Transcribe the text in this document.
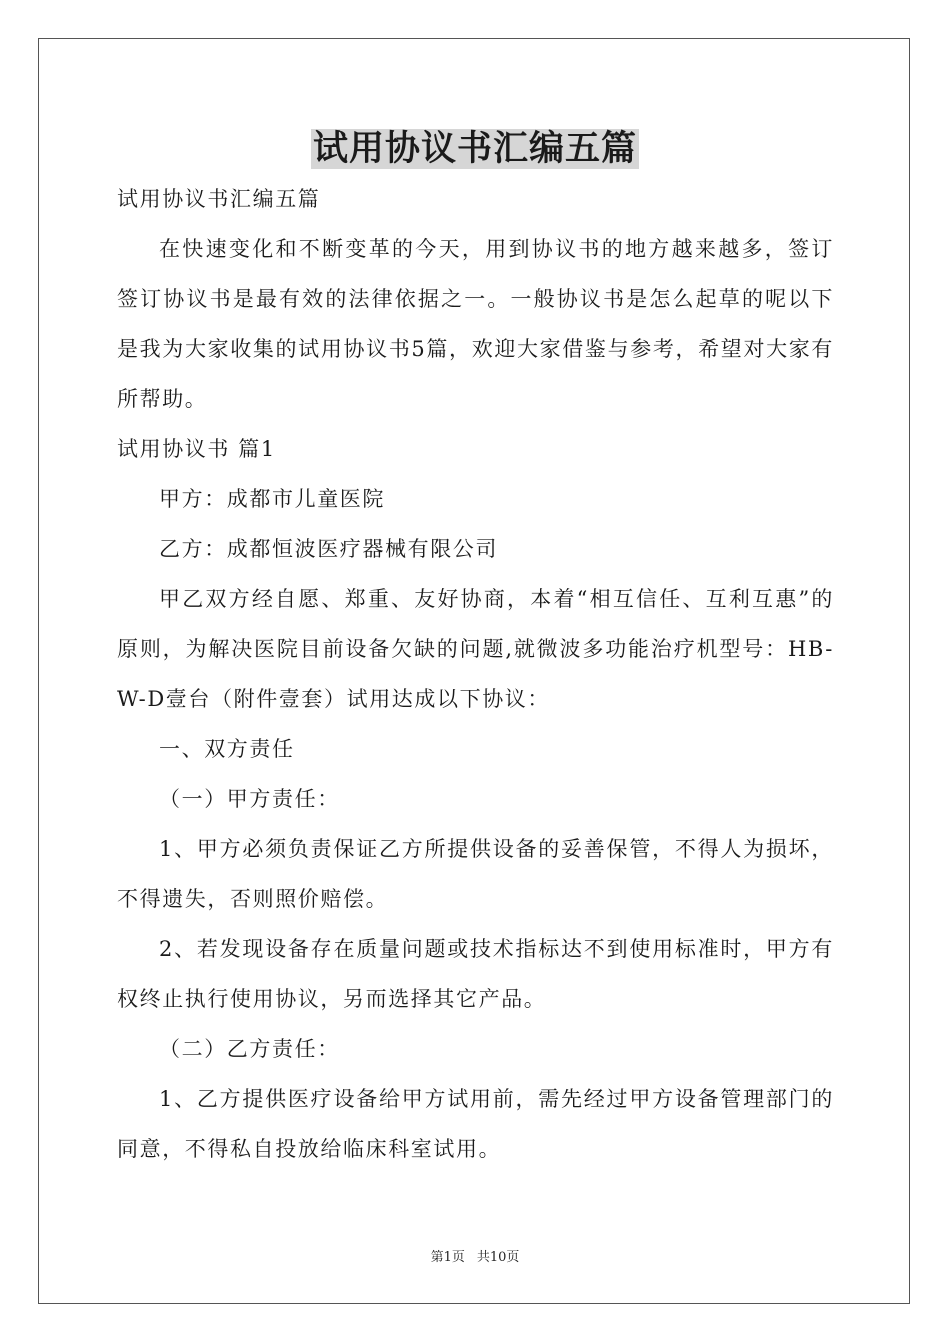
试用协议书汇编五篇

试用协议书汇编五篇

在快速变化和不断变革的今天，用到协议书的地方越来越多，签订签订协议书是最有效的法律依据之一。一般协议书是怎么起草的呢以下是我为大家收集的试用协议书5篇，欢迎大家借鉴与参考，希望对大家有所帮助。

试用协议书 篇1

甲方：成都市儿童医院

乙方：成都恒波医疗器械有限公司

甲乙双方经自愿、郑重、友好协商，本着“相互信任、互利互惠”的原则，为解决医院目前设备欠缺的问题,就微波多功能治疗机型号：HB-W-D壹台（附件壹套）试用达成以下协议：

一、双方责任

（一）甲方责任：

1、甲方必须负责保证乙方所提供设备的妥善保管，不得人为损坏，不得遗失，否则照价赔偿。

2、若发现设备存在质量问题或技术指标达不到使用标准时，甲方有权终止执行使用协议，另而选择其它产品。

（二）乙方责任：

1、乙方提供医疗设备给甲方试用前，需先经过甲方设备管理部门的同意，不得私自投放给临床科室试用。

第1页 共10页
